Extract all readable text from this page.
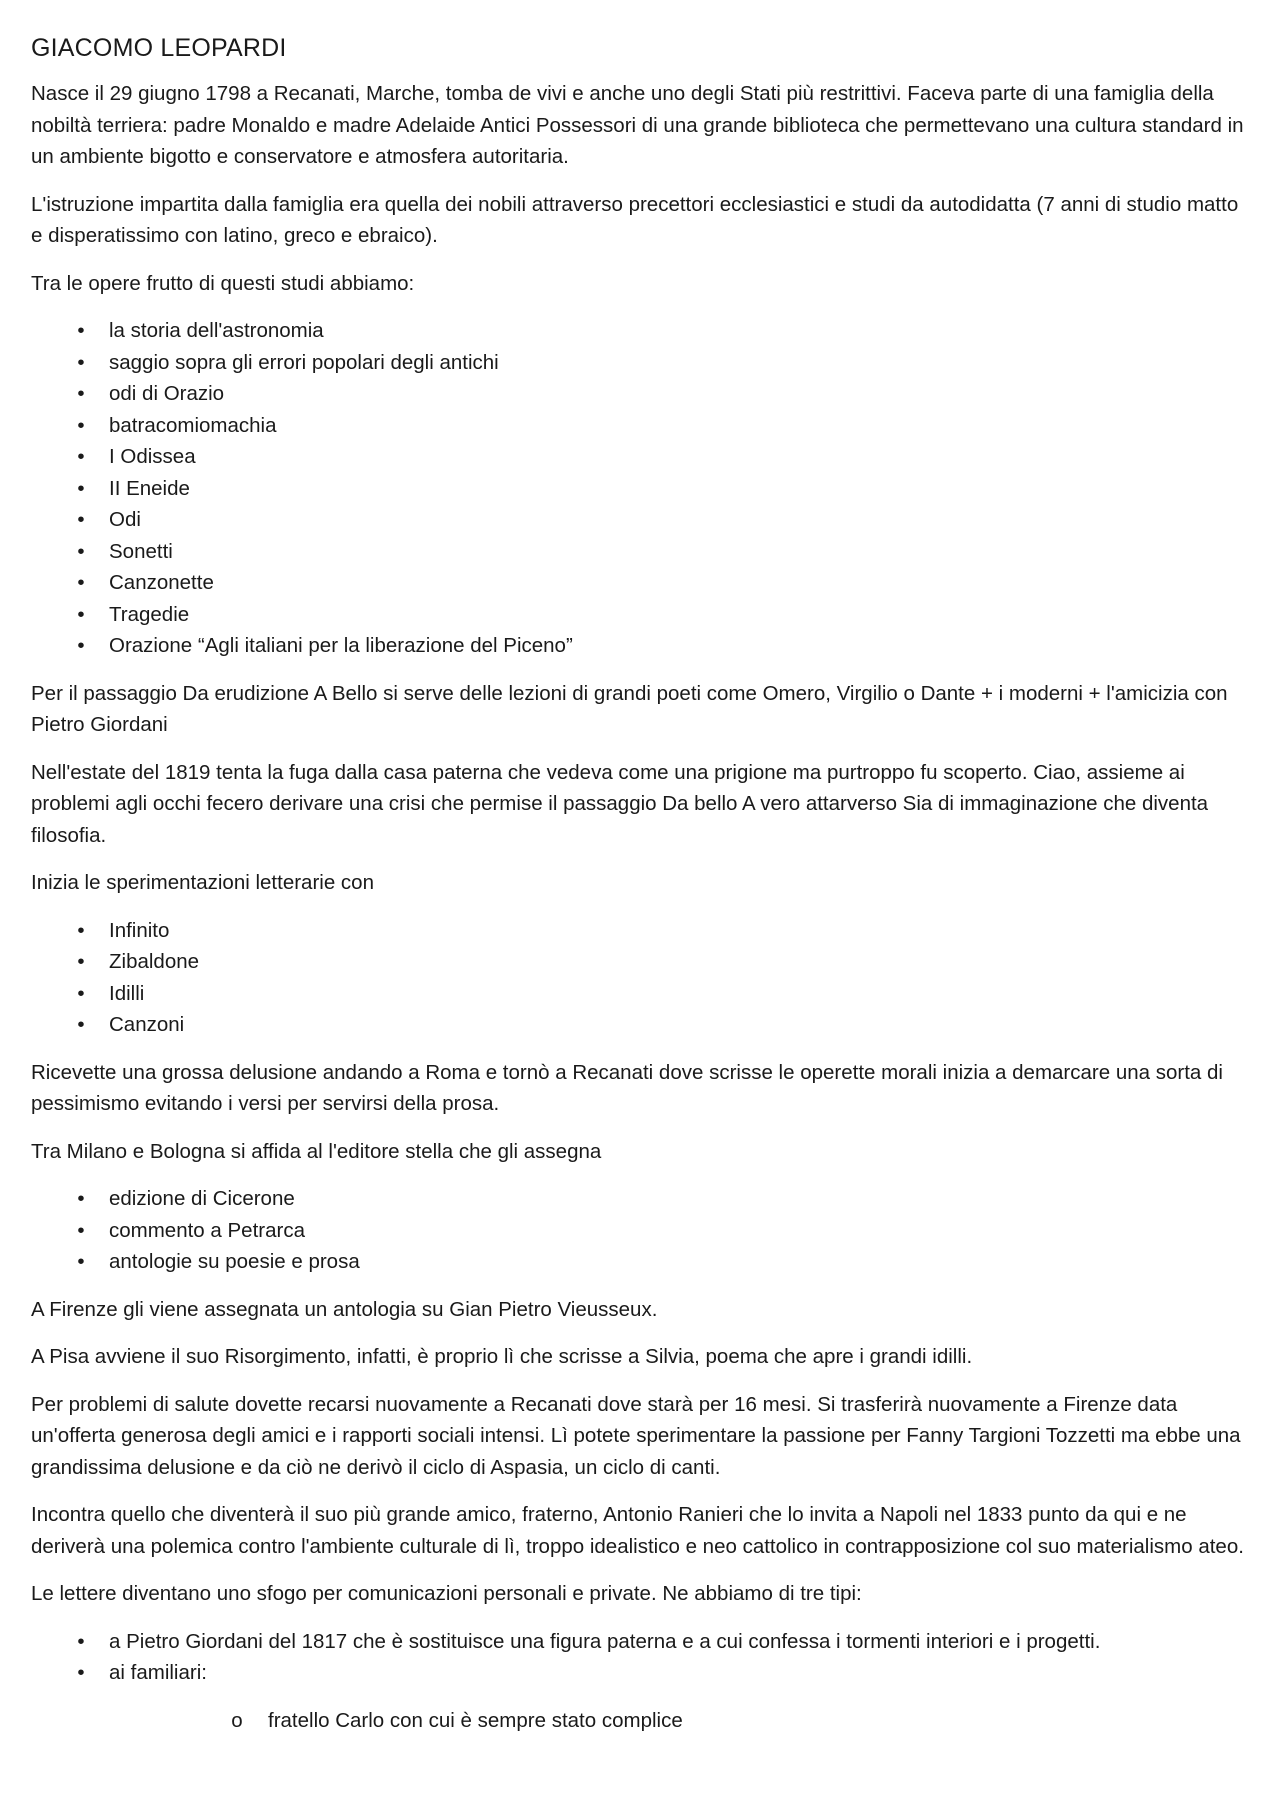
GIACOMO LEOPARDI

Nasce il 29 giugno 1798 a Recanati, Marche, tomba de vivi e anche uno degli Stati più restrittivi. Faceva parte di una famiglia della nobiltà terriera: padre Monaldo e madre Adelaide Antici Possessori di una grande biblioteca che permettevano una cultura standard in un ambiente bigotto e conservatore e atmosfera autoritaria.

L'istruzione impartita dalla famiglia era quella dei nobili attraverso precettori ecclesiastici e studi da autodidatta (7 anni di studio matto e disperatissimo con latino, greco e ebraico).

Tra le opere frutto di questi studi abbiamo:

•	la storia dell'astronomia
•	saggio sopra gli errori popolari degli antichi
•	odi di Orazio
•	batracomiomachia
•	I Odissea
•	II Eneide
•	Odi
•	Sonetti
•	Canzonette
•	Tragedie
•	Orazione “Agli italiani per la liberazione del Piceno”

Per il passaggio Da erudizione A Bello si serve delle lezioni di grandi poeti come Omero, Virgilio o Dante + i moderni + l'amicizia con Pietro Giordani

Nell'estate del 1819 tenta la fuga dalla casa paterna che vedeva come una prigione ma purtroppo fu scoperto. Ciao, assieme ai problemi agli occhi fecero derivare una crisi che permise il passaggio Da bello A vero attarverso Sia di immaginazione che diventa filosofia.

Inizia le sperimentazioni letterarie con

•	Infinito
•	Zibaldone
•	Idilli
•	Canzoni

Ricevette una grossa delusione andando a Roma e tornò a Recanati dove scrisse le operette morali inizia a demarcare una sorta di pessimismo evitando i versi per servirsi della prosa.

Tra Milano e Bologna si affida al l'editore stella che gli assegna

•	edizione di Cicerone
•	commento a Petrarca
•	antologie su poesie e prosa

A Firenze gli viene assegnata un antologia su Gian Pietro Vieusseux.

A Pisa avviene il suo Risorgimento, infatti, è proprio lì che scrisse a Silvia, poema che apre i grandi idilli.

Per problemi di salute dovette recarsi nuovamente a Recanati dove starà per 16 mesi. Si trasferirà nuovamente a Firenze data un'offerta generosa degli amici e i rapporti sociali intensi. Lì potete sperimentare la passione per Fanny Targioni Tozzetti ma ebbe una grandissima delusione e da ciò ne derivò il ciclo di Aspasia, un ciclo di canti.

Incontra quello che diventerà il suo più grande amico, fraterno, Antonio Ranieri che lo invita a Napoli nel 1833 punto da qui e ne deriverà una polemica contro l'ambiente culturale di lì, troppo idealistico e neo cattolico in contrapposizione col suo materialismo ateo.

Le lettere diventano uno sfogo per comunicazioni personali e private. Ne abbiamo di tre tipi:

•	a Pietro Giordani del 1817 che è sostituisce una figura paterna e a cui confessa i tormenti interiori e i progetti.
•	ai familiari:
o fratello Carlo con cui è sempre stato complice
